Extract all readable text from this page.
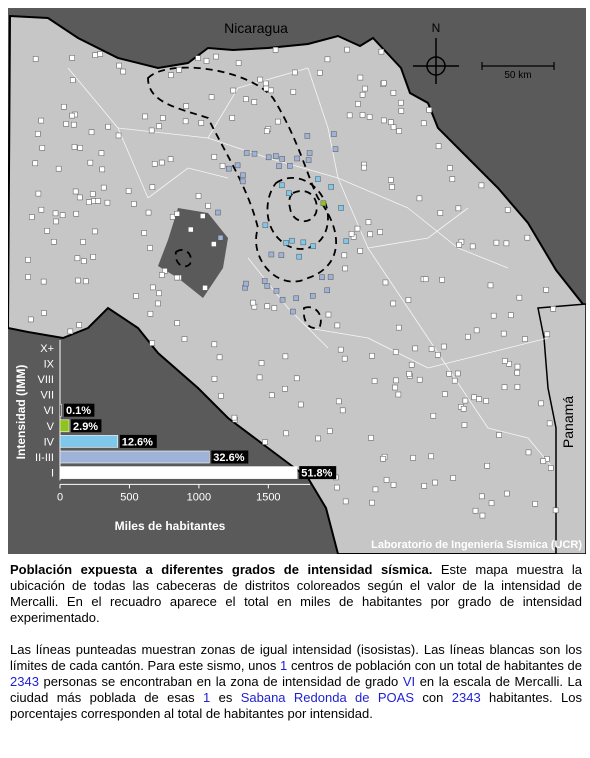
N
50 km
Nicaragua
Panamá
Intensidad (IMM)
Miles de habitantes
X+
IX
VIII
VII
VI
V
IV
II-III
I
0.1%
2.9%
12.6%
32.6%
51.8%
0	500	1000	1500
Laboratorio de Ingeniería Sísmica (UCR)

Población expuesta a diferentes grados de intensidad sísmica. Este mapa muestra la ubicación de todas las cabeceras de distritos coloreados según el valor de la intensidad de Mercalli. En el recuadro aparece el total en miles de habitantes por grado de intensidad experimentado.

Las líneas punteadas muestran zonas de igual intensidad (isosistas). Las líneas blancas son los límites de cada cantón. Para este sismo, unos 1 centros de población con un total de habitantes de 2343 personas se encontraban en la zona de intensidad de grado VI en la escala de Mercalli. La ciudad más poblada de esas 1 es Sabana Redonda de POAS con 2343 habitantes. Los porcentajes corresponden al total de habitantes por intensidad.
